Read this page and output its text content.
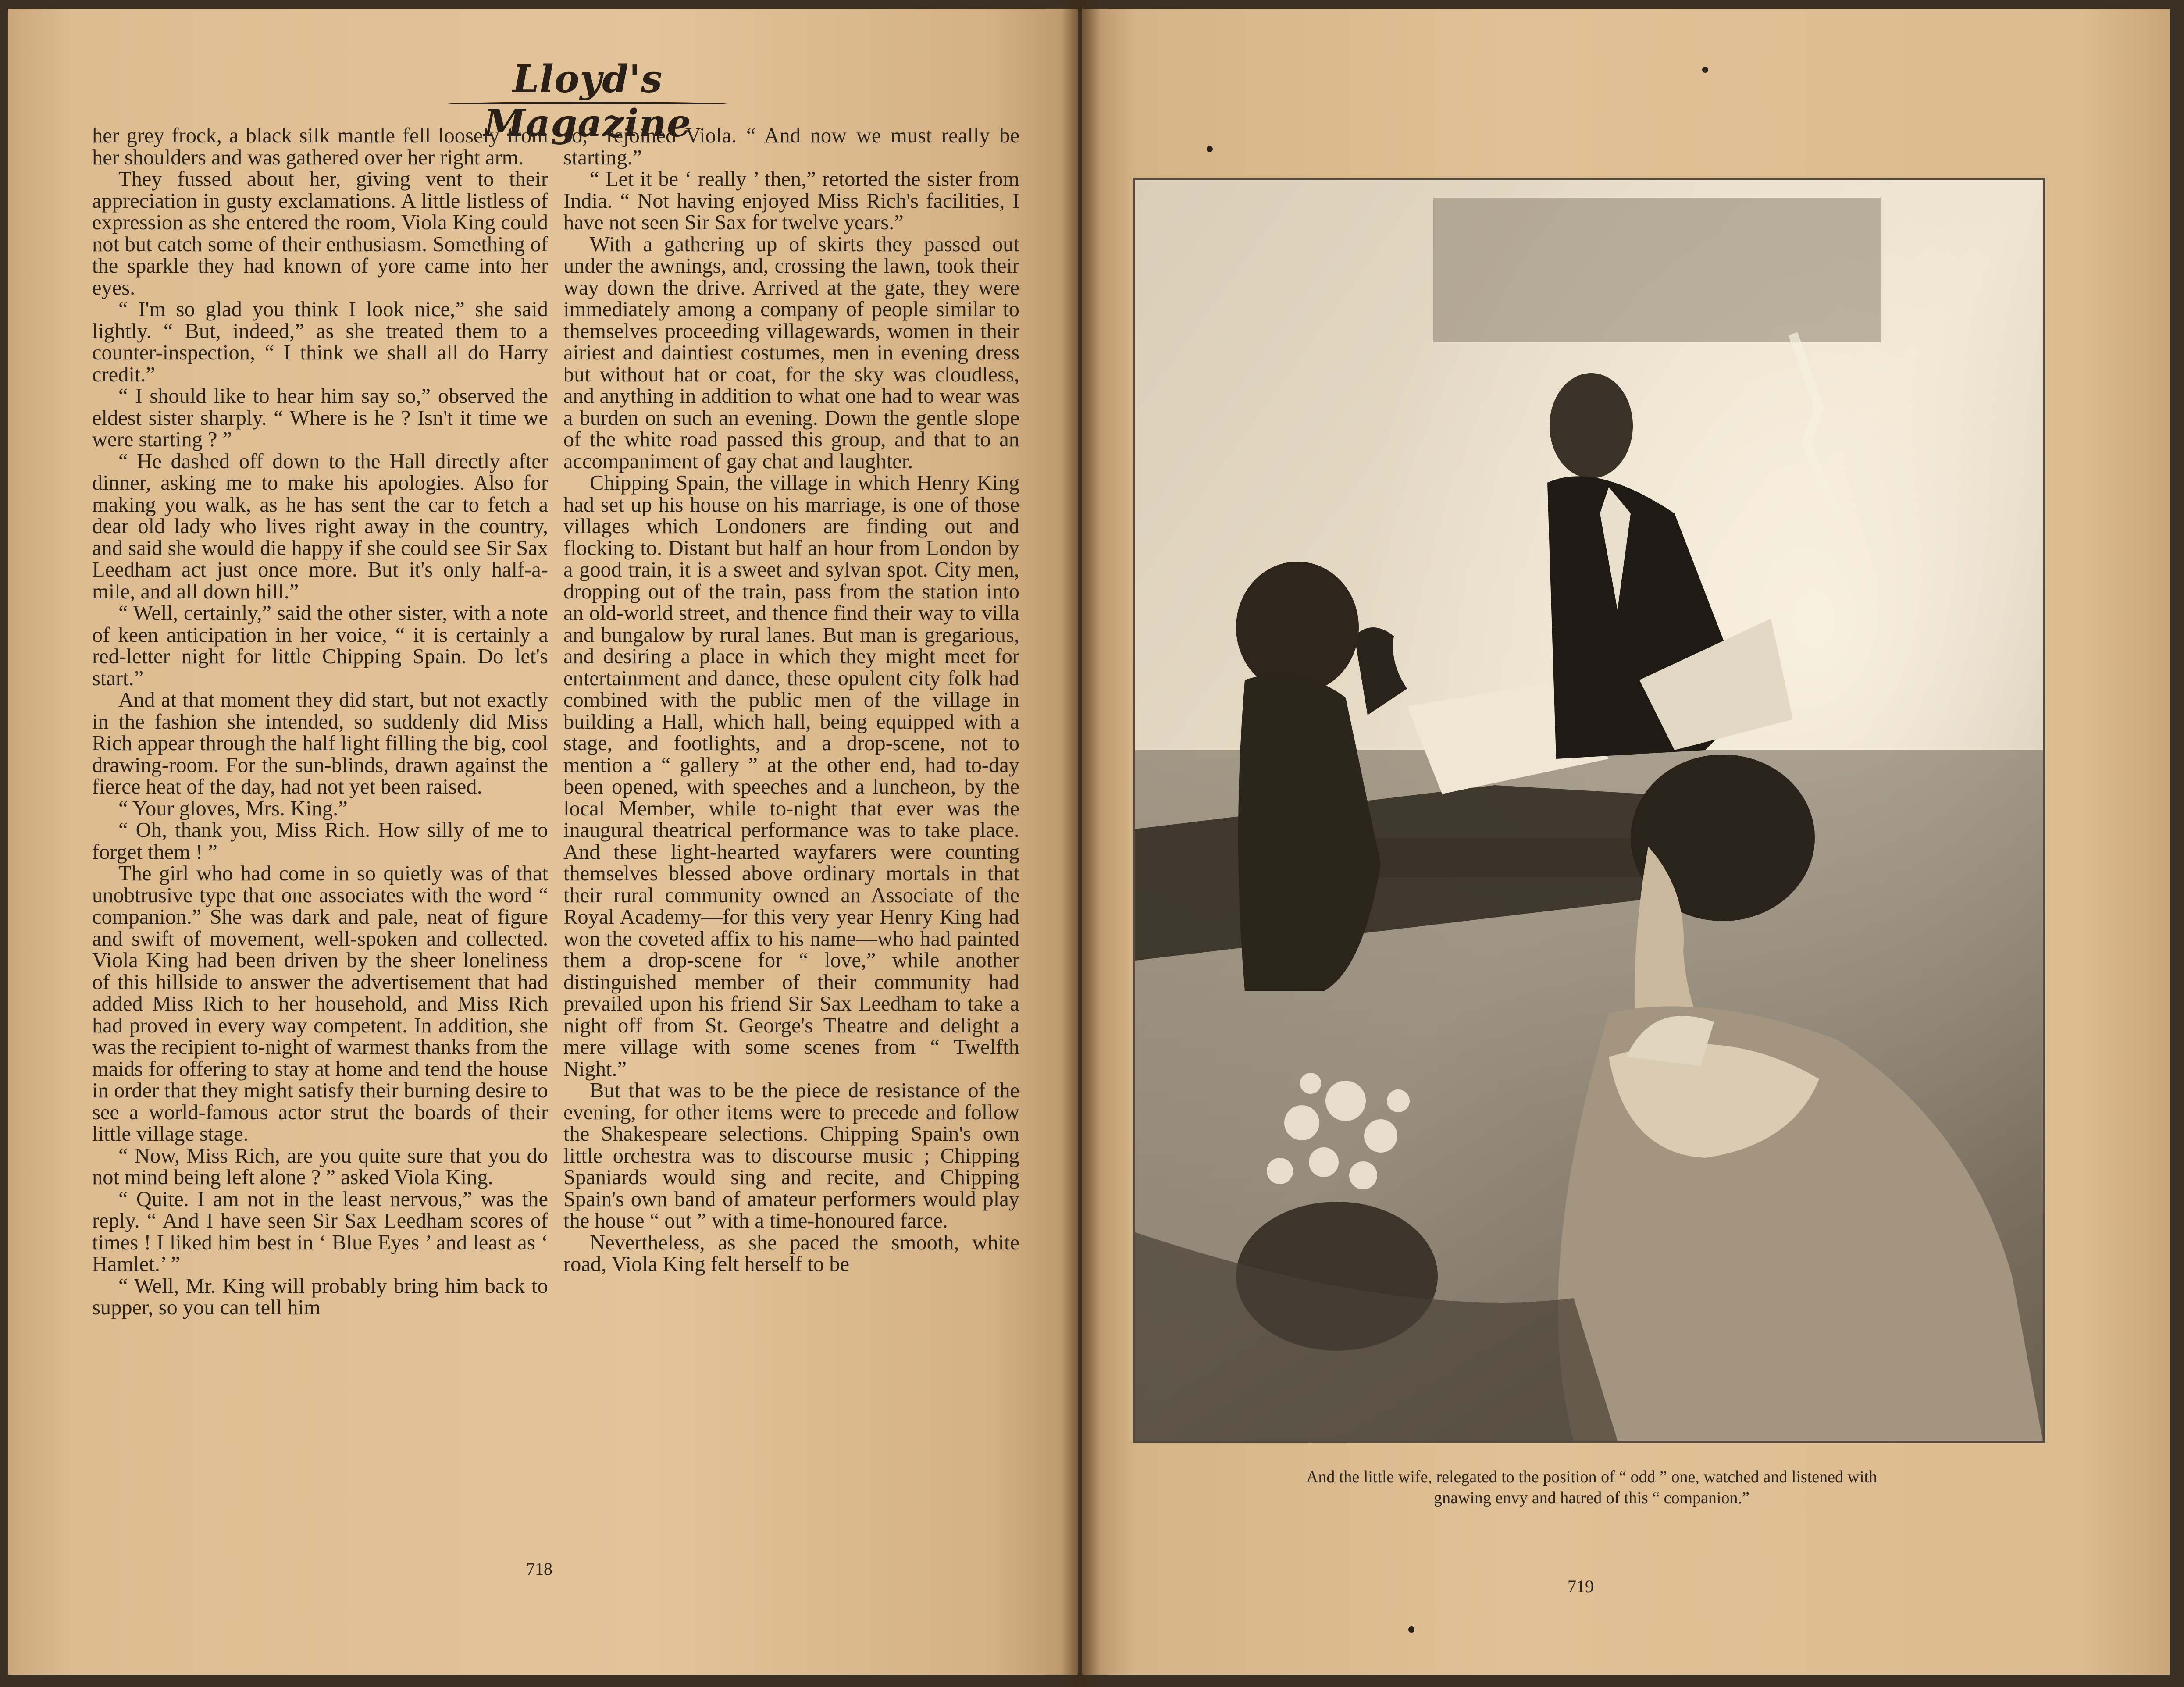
Lloyd's Magazine

her grey frock, a black silk mantle fell loosely from her shoulders and was gathered over her right arm.

They fussed about her, giving vent to their appreciation in gusty exclamations. A little listless of expression as she entered the room, Viola King could not but catch some of their enthusiasm. Something of the sparkle they had known of yore came into her eyes.

“ I'm so glad you think I look nice,” she said lightly. “ But, indeed,” as she treated them to a counter-inspection, “ I think we shall all do Harry credit.”

“ I should like to hear him say so,” observed the eldest sister sharply. “ Where is he ? Isn't it time we were starting ? ”

“ He dashed off down to the Hall directly after dinner, asking me to make his apologies. Also for making you walk, as he has sent the car to fetch a dear old lady who lives right away in the country, and said she would die happy if she could see Sir Sax Leedham act just once more. But it's only half-a-mile, and all down hill.”

“ Well, certainly,” said the other sister, with a note of keen anticipation in her voice, “ it is certainly a red-letter night for little Chipping Spain. Do let's start.”

And at that moment they did start, but not exactly in the fashion she intended, so suddenly did Miss Rich appear through the half light filling the big, cool drawing-room. For the sun-blinds, drawn against the fierce heat of the day, had not yet been raised.

“ Your gloves, Mrs. King.”

“ Oh, thank you, Miss Rich. How silly of me to forget them ! ”

The girl who had come in so quietly was of that unobtrusive type that one associates with the word “ companion.” She was dark and pale, neat of figure and swift of movement, well-spoken and collected. Viola King had been driven by the sheer loneliness of this hillside to answer the advertisement that had added Miss Rich to her household, and Miss Rich had proved in every way competent. In addition, she was the recipient to-night of warmest thanks from the maids for offering to stay at home and tend the house in order that they might satisfy their burning desire to see a world-famous actor strut the boards of their little village stage.

“ Now, Miss Rich, are you quite sure that you do not mind being left alone ? ” asked Viola King.

“ Quite. I am not in the least nervous,” was the reply. “ And I have seen Sir Sax Leedham scores of times ! I liked him best in ‘ Blue Eyes ’ and least as ‘ Hamlet.’ ”

“ Well, Mr. King will probably bring him back to supper, so you can tell him

so,” rejoined Viola. “ And now we must really be starting.”

“ Let it be ‘ really ’ then,” retorted the sister from India. “ Not having enjoyed Miss Rich's facilities, I have not seen Sir Sax for twelve years.”

With a gathering up of skirts they passed out under the awnings, and, crossing the lawn, took their way down the drive. Arrived at the gate, they were immediately among a company of people similar to themselves proceeding villagewards, women in their airiest and daintiest costumes, men in evening dress but without hat or coat, for the sky was cloudless, and anything in addition to what one had to wear was a burden on such an evening. Down the gentle slope of the white road passed this group, and that to an accompaniment of gay chat and laughter.

Chipping Spain, the village in which Henry King had set up his house on his marriage, is one of those villages which Londoners are finding out and flocking to. Distant but half an hour from London by a good train, it is a sweet and sylvan spot. City men, dropping out of the train, pass from the station into an old-world street, and thence find their way to villa and bungalow by rural lanes. But man is gregarious, and desiring a place in which they might meet for entertainment and dance, these opulent city folk had combined with the public men of the village in building a Hall, which hall, being equipped with a stage, and footlights, and a drop-scene, not to mention a “ gallery ” at the other end, had to-day been opened, with speeches and a luncheon, by the local Member, while to-night that ever was the inaugural theatrical performance was to take place. And these light-hearted wayfarers were counting themselves blessed above ordinary mortals in that their rural community owned an Associate of the Royal Academy—for this very year Henry King had won the coveted affix to his name—who had painted them a drop-scene for “ love,” while another distinguished member of their community had prevailed upon his friend Sir Sax Leedham to take a night off from St. George's Theatre and delight a mere village with some scenes from “ Twelfth Night.”

But that was to be the piece de resistance of the evening, for other items were to precede and follow the Shakespeare selections. Chipping Spain's own little orchestra was to discourse music ; Chipping Spaniards would sing and recite, and Chipping Spain's own band of amateur performers would play the house “ out ” with a time-honoured farce.

Nevertheless, as she paced the smooth, white road, Viola King felt herself to be

718
And the little wife, relegated to the position of “ odd ” one, watched and listened with
gnawing envy and hatred of this “ companion.”
719
